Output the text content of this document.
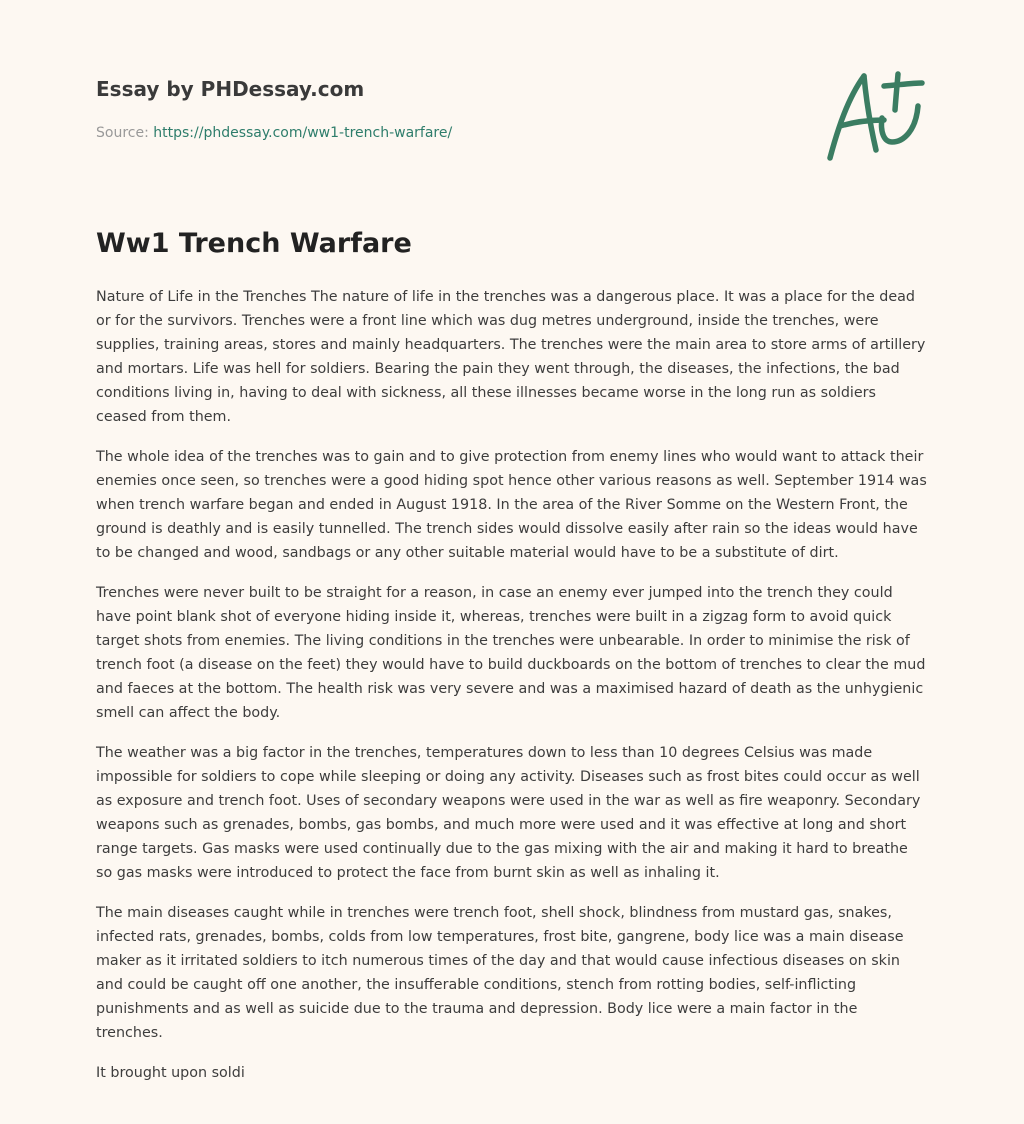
Essay by PHDessay.com
Source: https://phdessay.com/ww1-trench-warfare/
Ww1 Trench Warfare

Nature of Life in the Trenches The nature of life in the trenches was a dangerous place. It was a place for the dead or for the survivors. Trenches were a front line which was dug metres underground, inside the trenches, were supplies, training areas, stores and mainly headquarters. The trenches were the main area to store arms of artillery and mortars. Life was hell for soldiers. Bearing the pain they went through, the diseases, the infections, the bad conditions living in, having to deal with sickness, all these illnesses became worse in the long run as soldiers ceased from them.

The whole idea of the trenches was to gain and to give protection from enemy lines who would want to attack their enemies once seen, so trenches were a good hiding spot hence other various reasons as well. September 1914 was when trench warfare began and ended in August 1918. In the area of the River Somme on the Western Front, the ground is deathly and is easily tunnelled. The trench sides would dissolve easily after rain so the ideas would have to be changed and wood, sandbags or any other suitable material would have to be a substitute of dirt.

Trenches were never built to be straight for a reason, in case an enemy ever jumped into the trench they could have point blank shot of everyone hiding inside it, whereas, trenches were built in a zigzag form to avoid quick target shots from enemies. The living conditions in the trenches were unbearable. In order to minimise the risk of trench foot (a disease on the feet) they would have to build duckboards on the bottom of trenches to clear the mud and faeces at the bottom. The health risk was very severe and was a maximised hazard of death as the unhygienic smell can affect the body.

The weather was a big factor in the trenches, temperatures down to less than 10 degrees Celsius was made impossible for soldiers to cope while sleeping or doing any activity. Diseases such as frost bites could occur as well as exposure and trench foot. Uses of secondary weapons were used in the war as well as fire weaponry. Secondary weapons such as grenades, bombs, gas bombs, and much more were used and it was effective at long and short range targets. Gas masks were used continually due to the gas mixing with the air and making it hard to breathe so gas masks were introduced to protect the face from burnt skin as well as inhaling it.

The main diseases caught while in trenches were trench foot, shell shock, blindness from mustard gas, snakes, infected rats, grenades, bombs, colds from low temperatures, frost bite, gangrene, body lice was a main disease maker as it irritated soldiers to itch numerous times of the day and that would cause infectious diseases on skin and could be caught off one another, the insufferable conditions, stench from rotting bodies, self-inflicting punishments and as well as suicide due to the trauma and depression. Body lice were a main factor in the trenches.

It brought upon soldi
